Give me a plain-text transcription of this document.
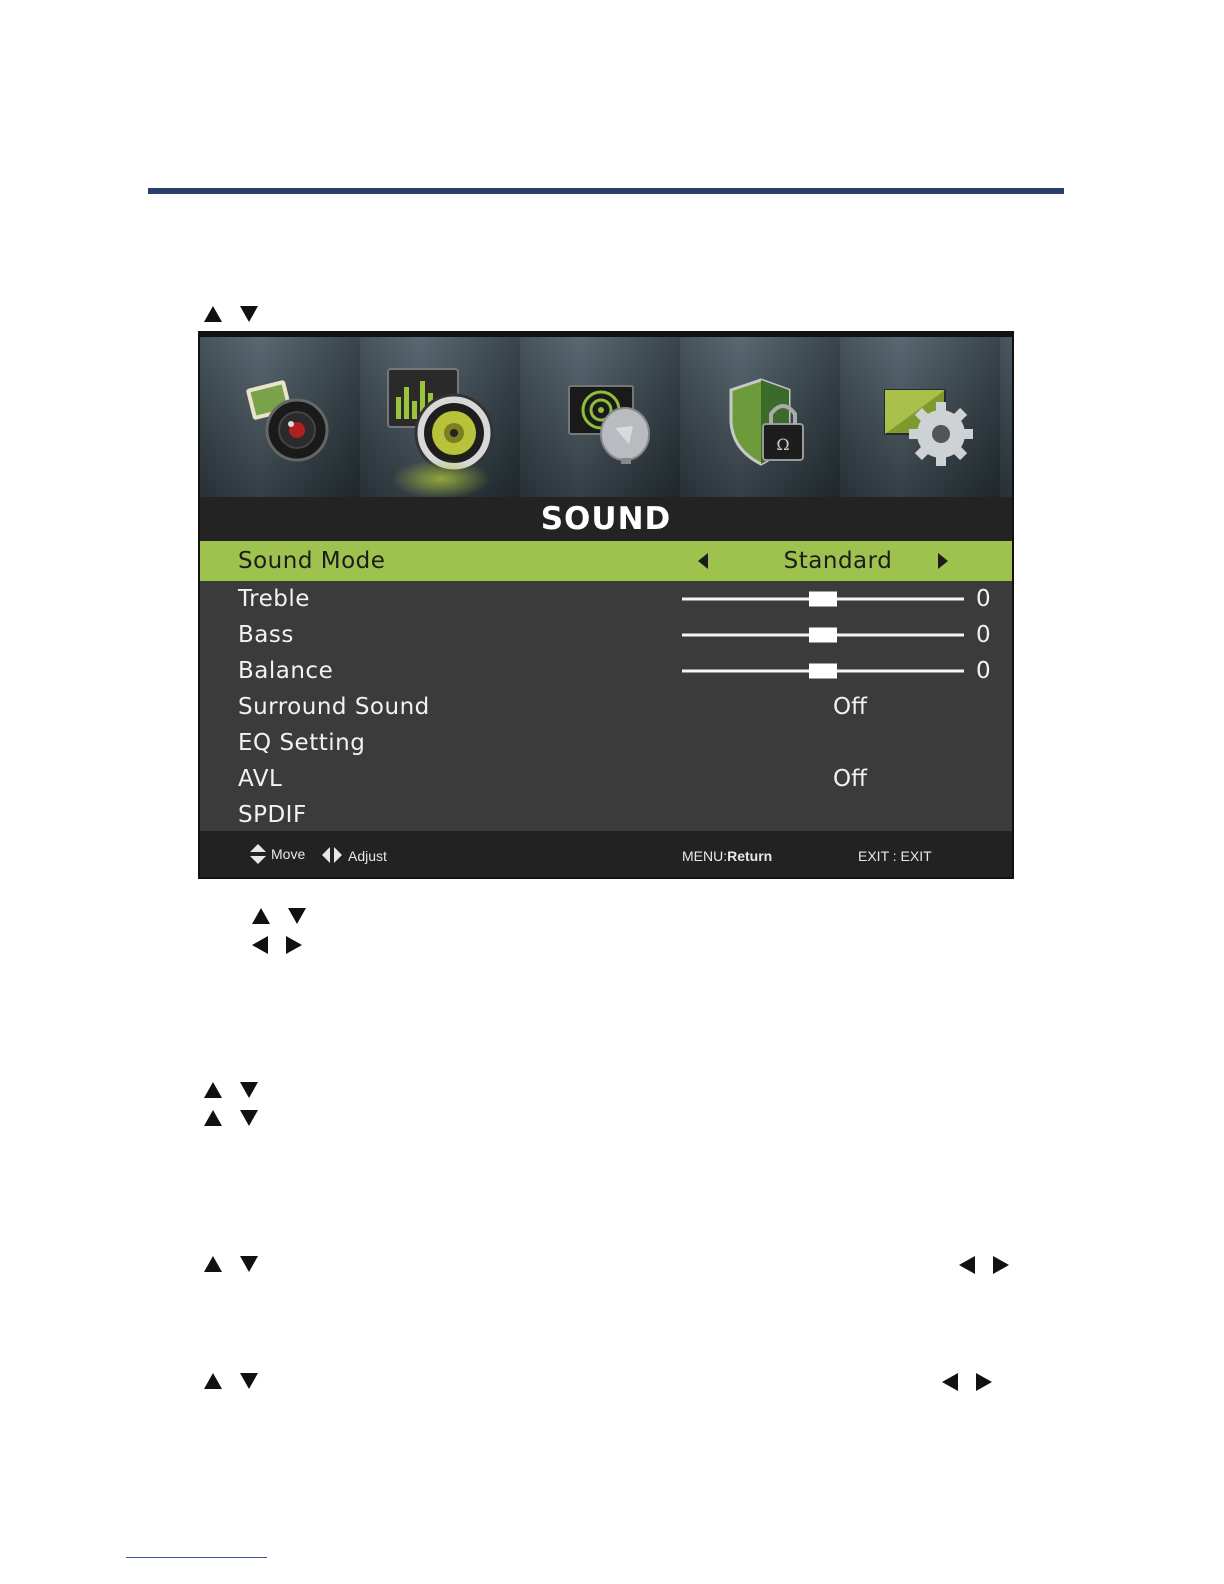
Ω
SOUND
Sound Mode	Standard
Treble	0
Bass	0
Balance	0
Surround Sound	Off
EQ Setting
AVL	Off
SPDIF
Move	Adjust	MENU:Return	EXIT : EXIT
